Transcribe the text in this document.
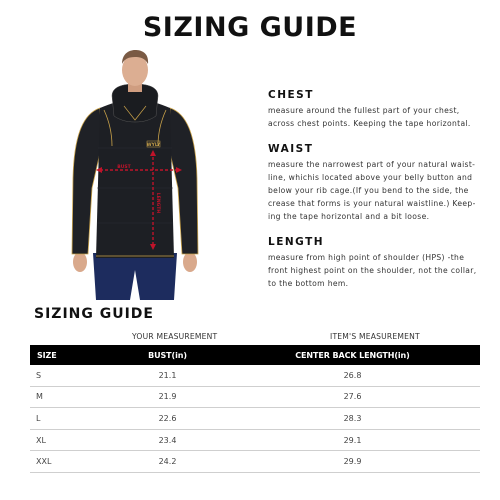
SIZING GUIDE
WYLY
BUST
LENGTH
CHEST

measure around the fullest part of your chest,
across chest points. Keeping the tape horizontal.

WAIST

measure the narrowest part of your natural waist-
line, whichis located above your belly button and
below your rib cage.(If you bend to the side, the
crease that forms is your natural waistline.) Keep-
ing the tape horizontal and a bit loose.

LENGTH

measure from high point of shoulder (HPS) -the
front highest point on the shoulder, not the collar,
to the bottom hem.

SIZING GUIDE
YOUR MEASUREMENT	ITEM'S MEASUREMENT
SIZE	BUST(in)	CENTER BACK LENGTH(in)
S	21.1	26.8
M	21.9	27.6
L	22.6	28.3
XL	23.4	29.1
XXL	24.2	29.9
